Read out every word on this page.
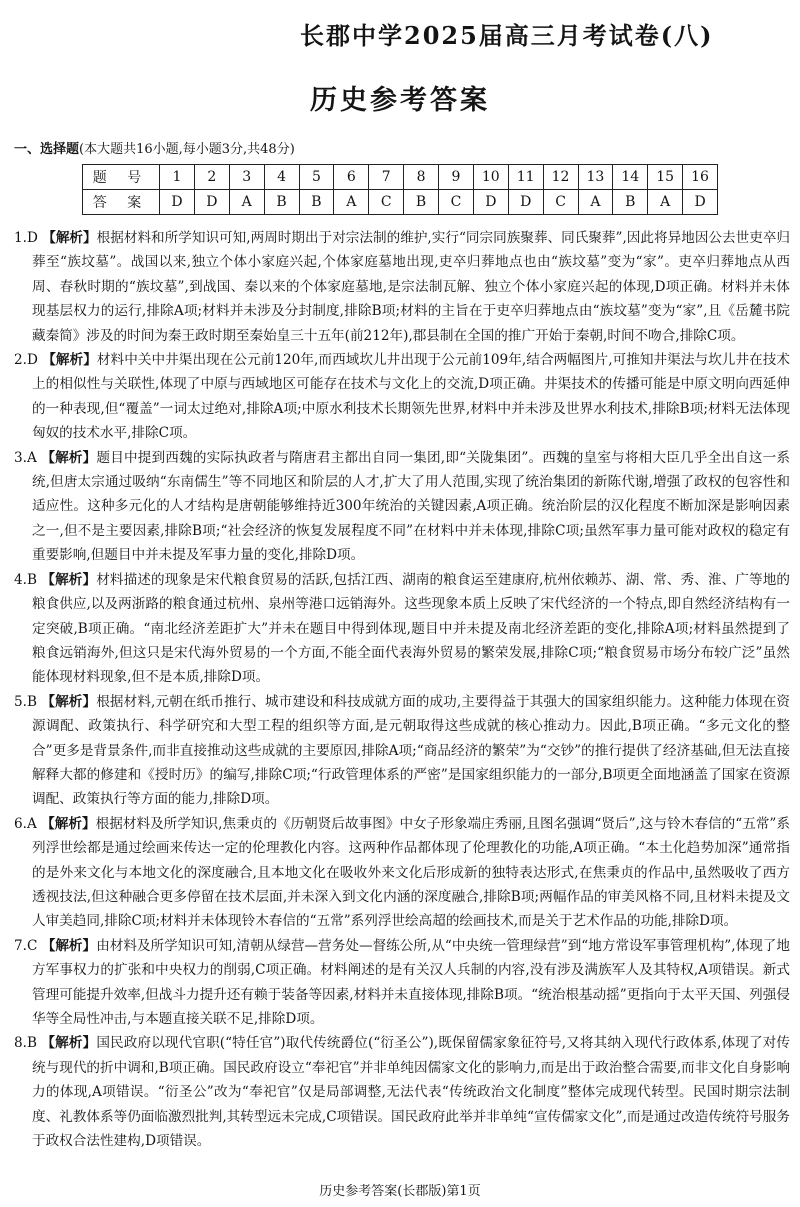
长郡中学2025届高三月考试卷(八)
历史参考答案
一、选择题(本大题共16小题,每小题3分,共48分)
题 号	1	2	3	4	5	6	7	8	9	10	11	12	13	14	15	16
答 案	D	D	A	B	B	A	C	B	C	D	D	C	A	B	A	D

1.D 【解析】根据材料和所学知识可知,两周时期出于对宗法制的维护,实行“同宗同族聚葬、同氏聚葬”,因此将异地因公去世吏卒归葬至“族坟墓”。战国以来,独立个体小家庭兴起,个体家庭墓地出现,吏卒归葬地点也由“族坟墓”变为“家”。吏卒归葬地点从西周、春秋时期的“族坟墓”,到战国、秦以来的个体家庭墓地,是宗法制瓦解、独立个体小家庭兴起的体现,D项正确。材料并未体现基层权力的运行,排除A项;材料并未涉及分封制度,排除B项;材料的主旨在于吏卒归葬地点由“族坟墓”变为“家”,且《岳麓书院藏秦简》涉及的时间为秦王政时期至秦始皇三十五年(前212年),郡县制在全国的推广开始于秦朝,时间不吻合,排除C项。

2.D 【解析】材料中关中井渠出现在公元前120年,而西域坎儿井出现于公元前109年,结合两幅图片,可推知井渠法与坎儿井在技术上的相似性与关联性,体现了中原与西域地区可能存在技术与文化上的交流,D项正确。井渠技术的传播可能是中原文明向西延伸的一种表现,但“覆盖”一词太过绝对,排除A项;中原水利技术长期领先世界,材料中并未涉及世界水利技术,排除B项;材料无法体现匈奴的技术水平,排除C项。

3.A 【解析】题目中提到西魏的实际执政者与隋唐君主都出自同一集团,即“关陇集团”。西魏的皇室与将相大臣几乎全出自这一系统,但唐太宗通过吸纳“东南儒生”等不同地区和阶层的人才,扩大了用人范围,实现了统治集团的新陈代谢,增强了政权的包容性和适应性。这种多元化的人才结构是唐朝能够维持近300年统治的关键因素,A项正确。统治阶层的汉化程度不断加深是影响因素之一,但不是主要因素,排除B项;“社会经济的恢复发展程度不同”在材料中并未体现,排除C项;虽然军事力量可能对政权的稳定有重要影响,但题目中并未提及军事力量的变化,排除D项。

4.B 【解析】材料描述的现象是宋代粮食贸易的活跃,包括江西、湖南的粮食运至建康府,杭州依赖苏、湖、常、秀、淮、广等地的粮食供应,以及两浙路的粮食通过杭州、泉州等港口远销海外。这些现象本质上反映了宋代经济的一个特点,即自然经济结构有一定突破,B项正确。“南北经济差距扩大”并未在题目中得到体现,题目中并未提及南北经济差距的变化,排除A项;材料虽然提到了粮食远销海外,但这只是宋代海外贸易的一个方面,不能全面代表海外贸易的繁荣发展,排除C项;“粮食贸易市场分布较广泛”虽然能体现材料现象,但不是本质,排除D项。

5.B 【解析】根据材料,元朝在纸币推行、城市建设和科技成就方面的成功,主要得益于其强大的国家组织能力。这种能力体现在资源调配、政策执行、科学研究和大型工程的组织等方面,是元朝取得这些成就的核心推动力。因此,B项正确。“多元文化的整合”更多是背景条件,而非直接推动这些成就的主要原因,排除A项;“商品经济的繁荣”为“交钞”的推行提供了经济基础,但无法直接解释大都的修建和《授时历》的编写,排除C项;“行政管理体系的严密”是国家组织能力的一部分,B项更全面地涵盖了国家在资源调配、政策执行等方面的能力,排除D项。

6.A 【解析】根据材料及所学知识,焦秉贞的《历朝贤后故事图》中女子形象端庄秀丽,且图名强调“贤后”,这与铃木春信的“五常”系列浮世绘都是通过绘画来传达一定的伦理教化内容。这两种作品都体现了伦理教化的功能,A项正确。“本土化趋势加深”通常指的是外来文化与本地文化的深度融合,且本地文化在吸收外来文化后形成新的独特表达形式,在焦秉贞的作品中,虽然吸收了西方透视技法,但这种融合更多停留在技术层面,并未深入到文化内涵的深度融合,排除B项;两幅作品的审美风格不同,且材料未提及文人审美趋同,排除C项;材料并未体现铃木春信的“五常”系列浮世绘高超的绘画技术,而是关于艺术作品的功能,排除D项。

7.C 【解析】由材料及所学知识可知,清朝从绿营—营务处—督练公所,从“中央统一管理绿营”到“地方常设军事管理机构”,体现了地方军事权力的扩张和中央权力的削弱,C项正确。材料阐述的是有关汉人兵制的内容,没有涉及满族军人及其特权,A项错误。新式管理可能提升效率,但战斗力提升还有赖于装备等因素,材料并未直接体现,排除B项。“统治根基动摇”更指向于太平天国、列强侵华等全局性冲击,与本题直接关联不足,排除D项。

8.B 【解析】国民政府以现代官职(“特任官”)取代传统爵位(“衍圣公”),既保留儒家象征符号,又将其纳入现代行政体系,体现了对传统与现代的折中调和,B项正确。国民政府设立“奉祀官”并非单纯因儒家文化的影响力,而是出于政治整合需要,而非文化自身影响力的体现,A项错误。“衍圣公”改为“奉祀官”仅是局部调整,无法代表“传统政治文化制度”整体完成现代转型。民国时期宗法制度、礼教体系等仍面临激烈批判,其转型远未完成,C项错误。国民政府此举并非单纯“宣传儒家文化”,而是通过改造传统符号服务于政权合法性建构,D项错误。

历史参考答案(长郡版)第1页
